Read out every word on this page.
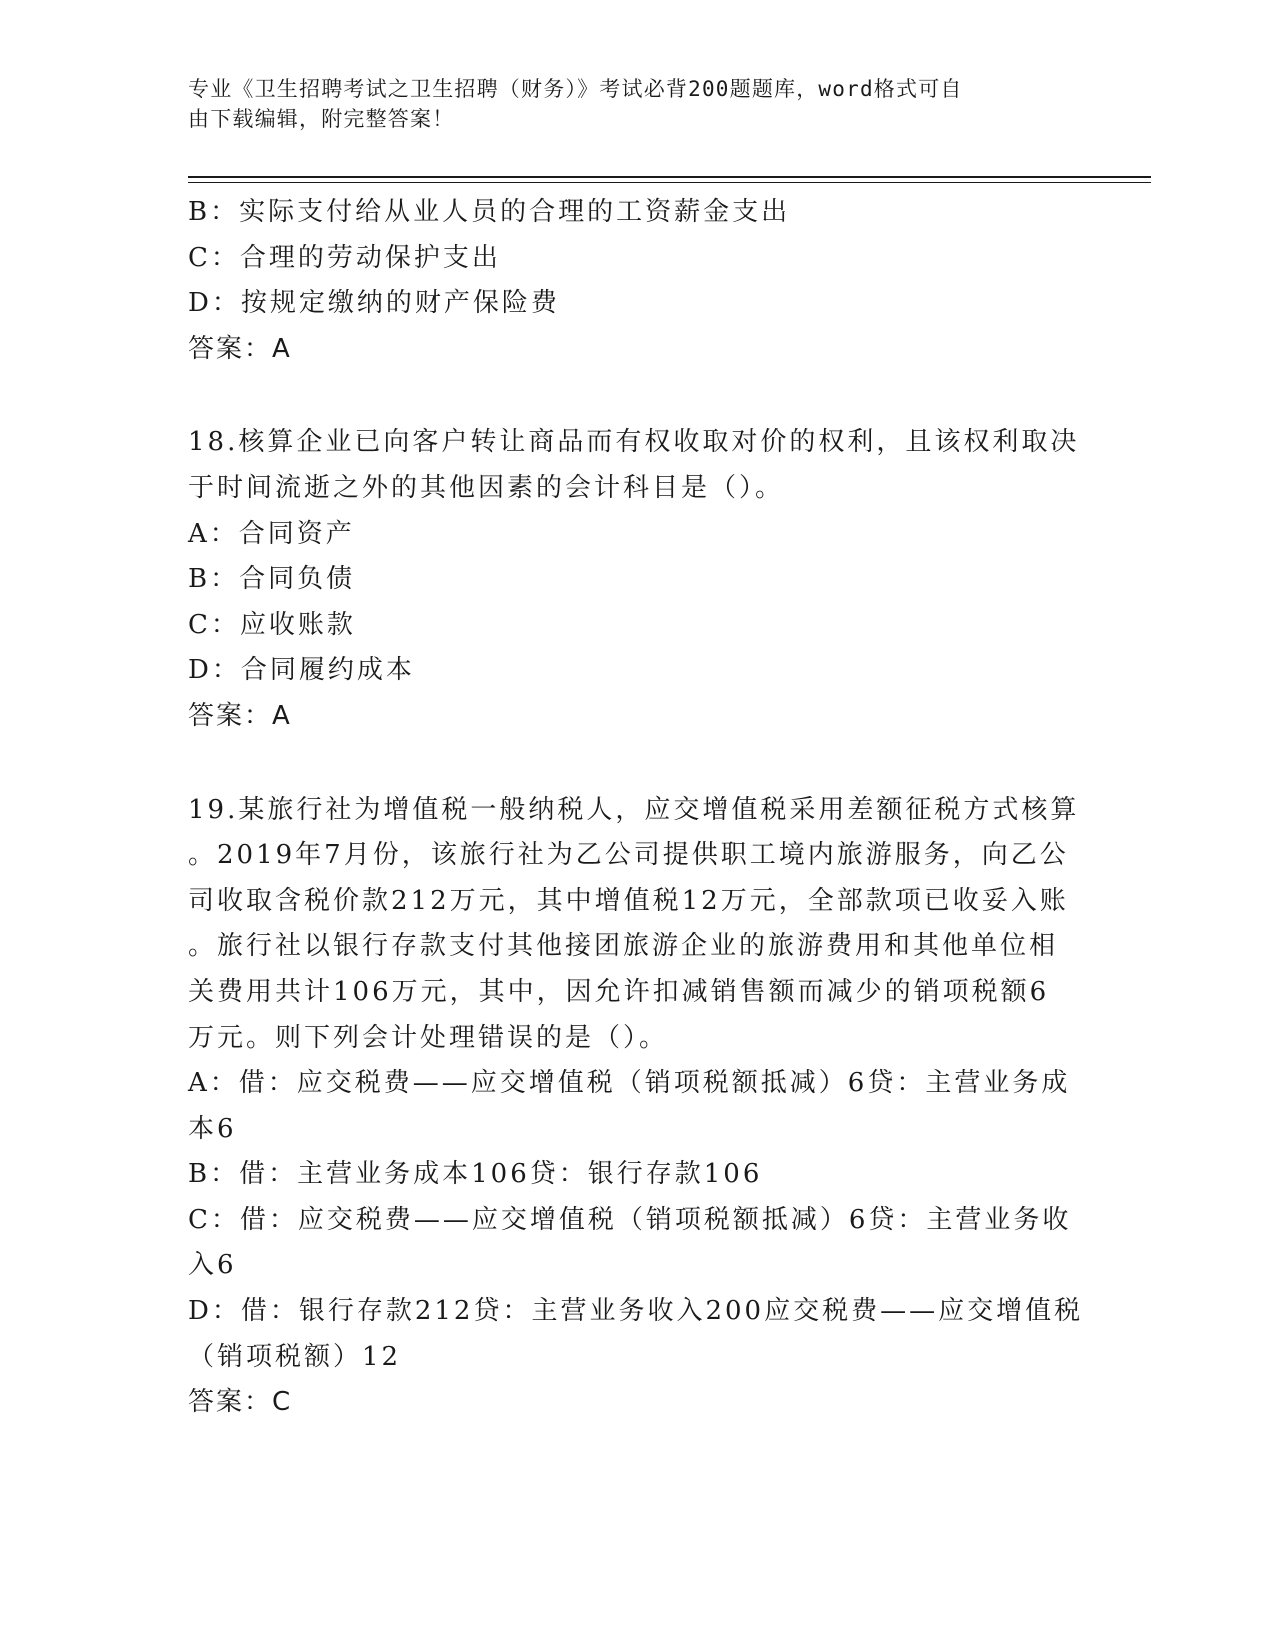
专业《卫生招聘考试之卫生招聘（财务）》考试必背200题题库，word格式可自
由下载编辑，附完整答案！
B：实际支付给从业人员的合理的工资薪金支出
C：合理的劳动保护支出
D：按规定缴纳的财产保险费
答案：A
18.核算企业已向客户转让商品而有权收取对价的权利，且该权利取决
于时间流逝之外的其他因素的会计科目是（）。
A：合同资产
B：合同负债
C：应收账款
D：合同履约成本
答案：A
19.某旅行社为增值税一般纳税人，应交增值税采用差额征税方式核算
。2019年7月份，该旅行社为乙公司提供职工境内旅游服务，向乙公
司收取含税价款212万元，其中增值税12万元，全部款项已收妥入账
。旅行社以银行存款支付其他接团旅游企业的旅游费用和其他单位相
关费用共计106万元，其中，因允许扣减销售额而减少的销项税额6
万元。则下列会计处理错误的是（）。
A：借：应交税费——应交增值税（销项税额抵减）6贷：主营业务成
本6
B：借：主营业务成本106贷：银行存款106
C：借：应交税费——应交增值税（销项税额抵减）6贷：主营业务收
入6
D：借：银行存款212贷：主营业务收入200应交税费——应交增值税
（销项税额）12
答案：C
